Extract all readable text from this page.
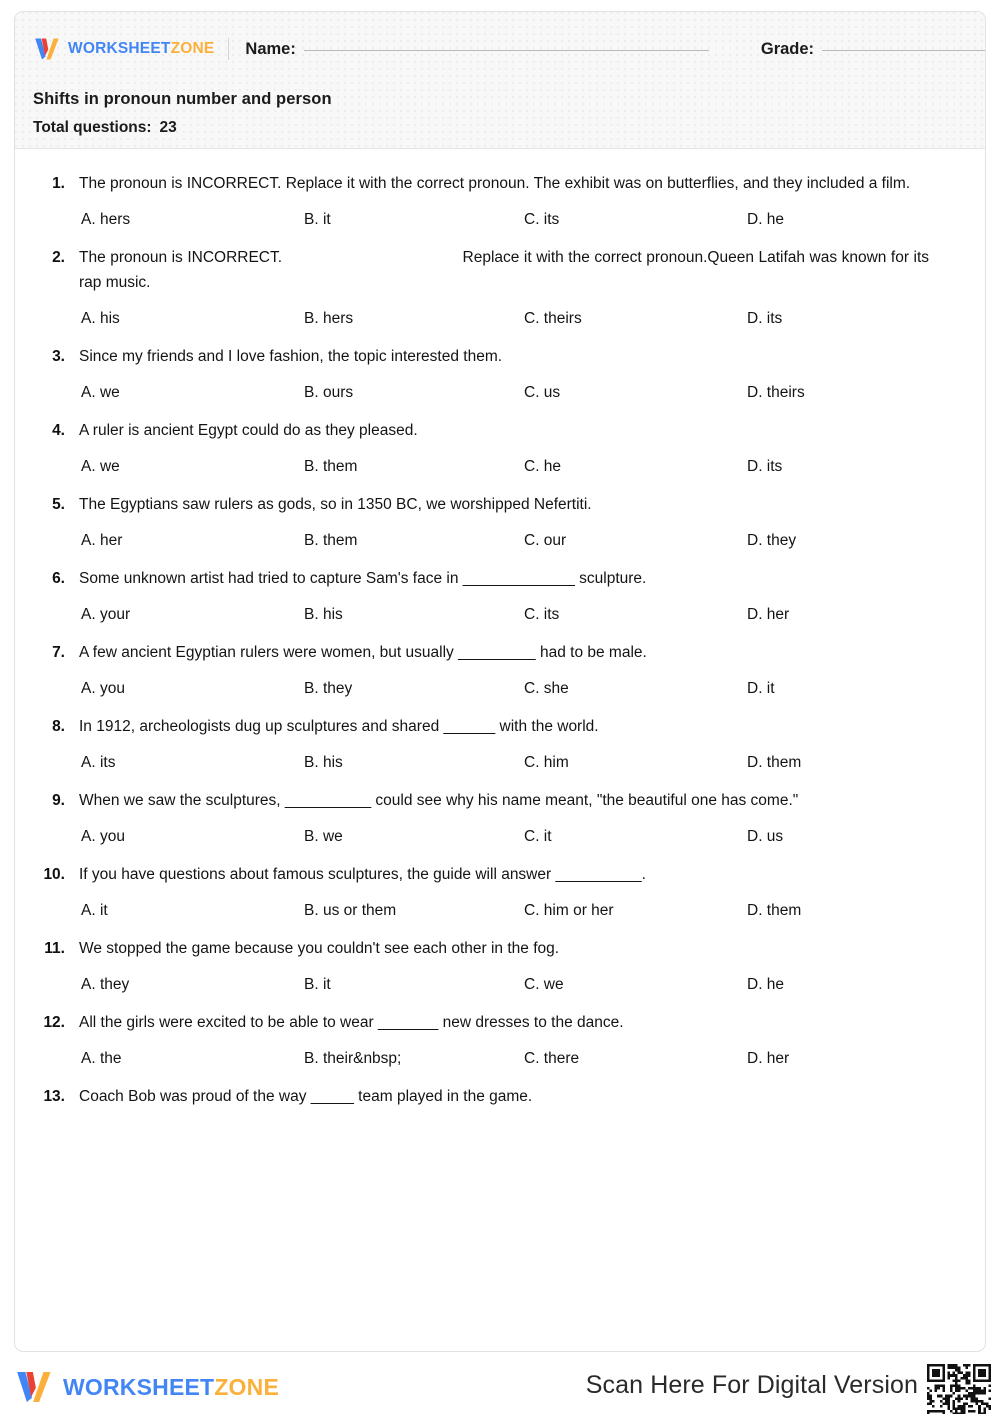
WORKSHEETZONE Name:	Grade:
Shifts in pronoun number and person
Total questions: 23
1. The pronoun is INCORRECT. Replace it with the correct pronoun. The exhibit was on butterflies, and they included a film.
A. hers	B. it	C. its	D. he
2. The pronoun is INCORRECT.                                        Replace it with the correct pronoun.Queen Latifah was known for its rap music.
A. his	B. hers	C. theirs	D. its
3. Since my friends and I love fashion, the topic interested them.
A. we	B. ours	C. us	D. theirs
4. A ruler is ancient Egypt could do as they pleased.
A. we	B. them	C. he	D. its
5. The Egyptians saw rulers as gods, so in 1350 BC, we worshipped Nefertiti.
A. her	B. them	C. our	D. they
6. Some unknown artist had tried to capture Sam's face in _____________ sculpture.
A. your	B. his	C. its	D. her
7. A few ancient Egyptian rulers were women, but usually _________ had to be male.
A. you	B. they	C. she	D. it
8. In 1912, archeologists dug up sculptures and shared ______ with the world.
A. its	B. his	C. him	D. them
9. When we saw the sculptures, __________ could see why his name meant, "the beautiful one has come."
A. you	B. we	C. it	D. us
10. If you have questions about famous sculptures, the guide will answer __________.
A. it	B. us or them	C. him or her	D. them
11. We stopped the game because you couldn't see each other in the fog.
A. they	B. it	C. we	D. he
12. All the girls were excited to be able to wear _______ new dresses to the dance.
A. the	B. their&nbsp;	C. there	D. her
13. Coach Bob was proud of the way _____ team played in the game.
WORKSHEETZONE	Scan Here For Digital Version
